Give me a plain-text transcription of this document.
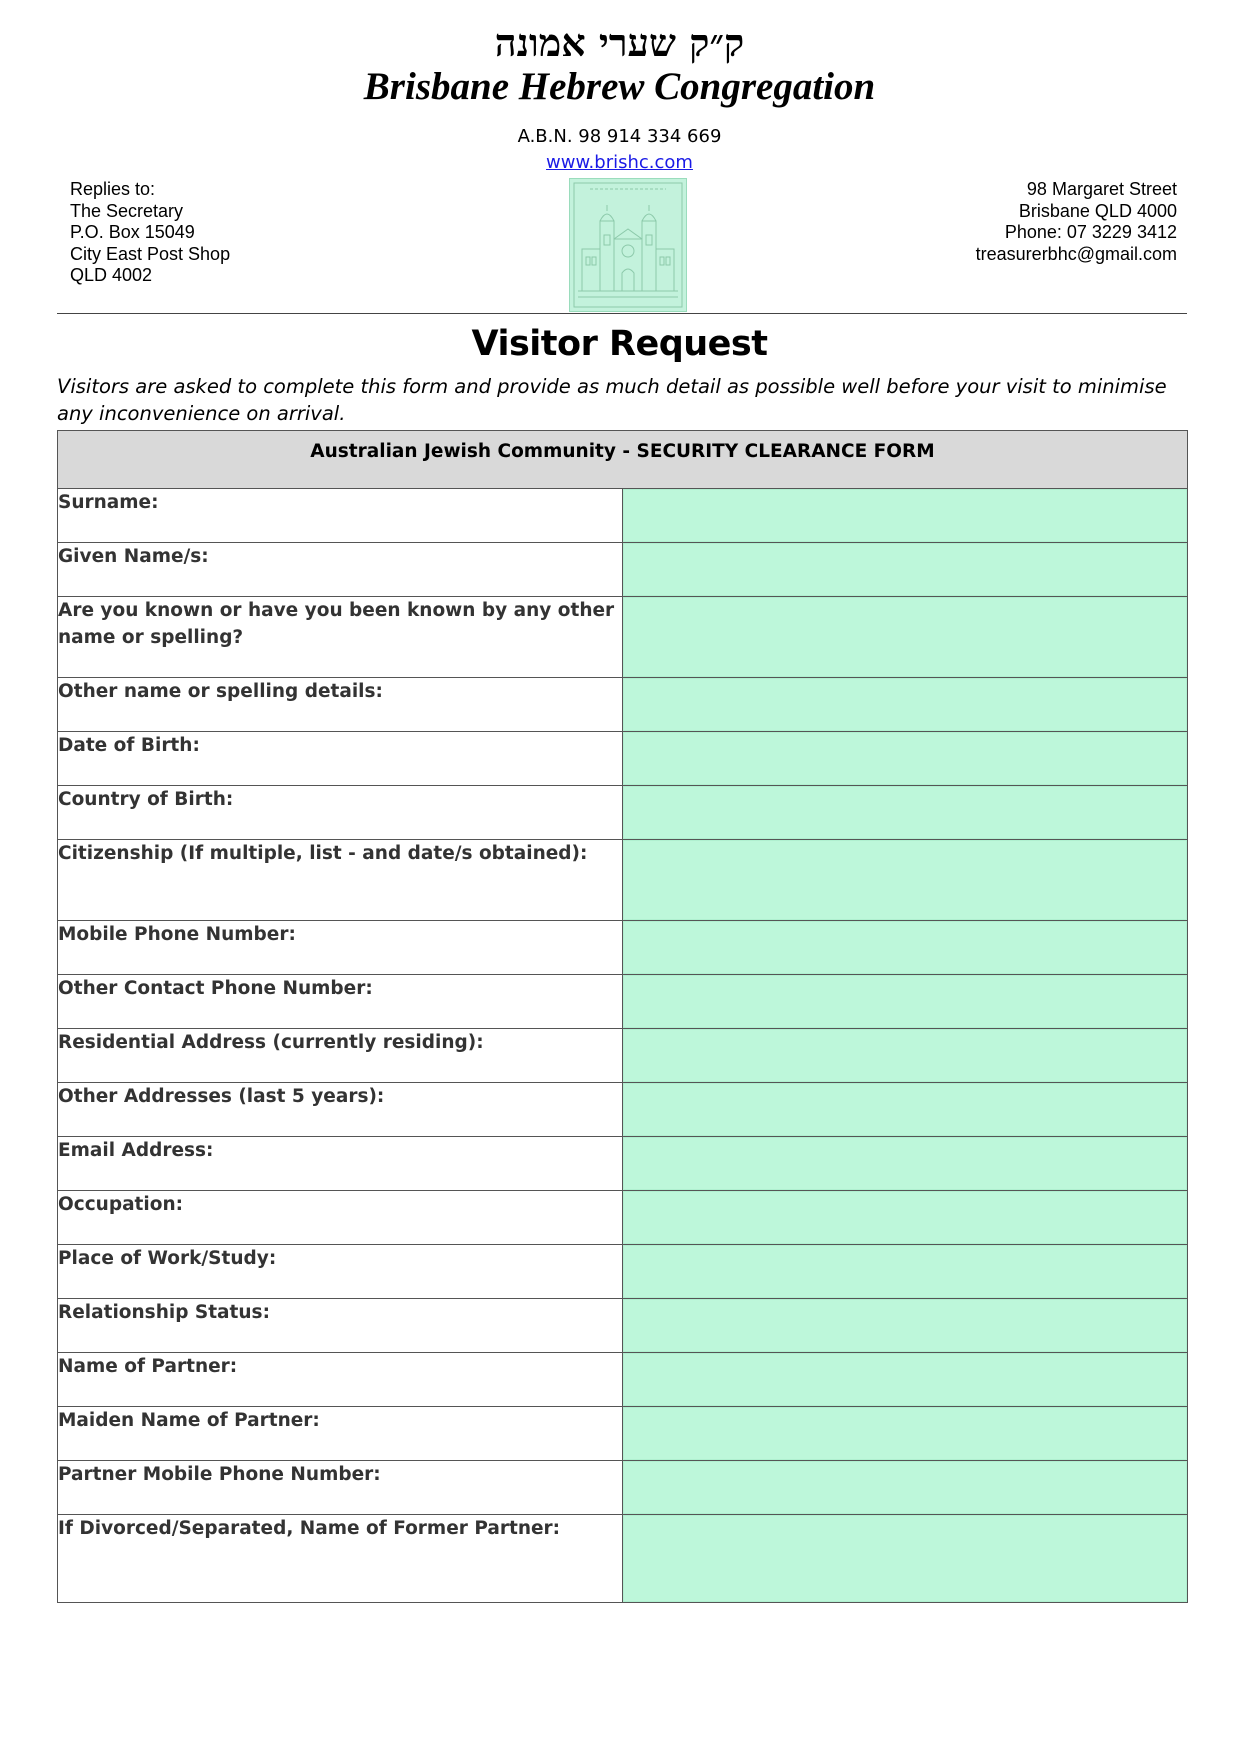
ק״ק שערי אמונה
Brisbane Hebrew Congregation
A.B.N. 98 914 334 669
www.brishc.com
Replies to:
The Secretary
P.O. Box 15049
City East Post Shop
QLD 4002
98 Margaret Street
Brisbane QLD 4000
Phone: 07 3229 3412
treasurerbhc@gmail.com
Visitor Request
Visitors are asked to complete this form and provide as much detail as possible well before your visit to minimise any inconvenience on arrival.
Australian Jewish Community - SECURITY CLEARANCE FORM	
Surname:	

Given Name/s:	

Are you known or have you been known by any other name or spelling?	

Other name or spelling details:	

Date of Birth:	

Country of Birth:	

Citizenship (If multiple, list - and date/s obtained):	

Mobile Phone Number:	

Other Contact Phone Number:	

Residential Address (currently residing):	

Other Addresses (last 5 years):	

Email Address:	

Occupation:	

Place of Work/Study:	

Relationship Status:	

Name of Partner:	

Maiden Name of Partner:	

Partner Mobile Phone Number:	

If Divorced/Separated, Name of Former Partner:	
